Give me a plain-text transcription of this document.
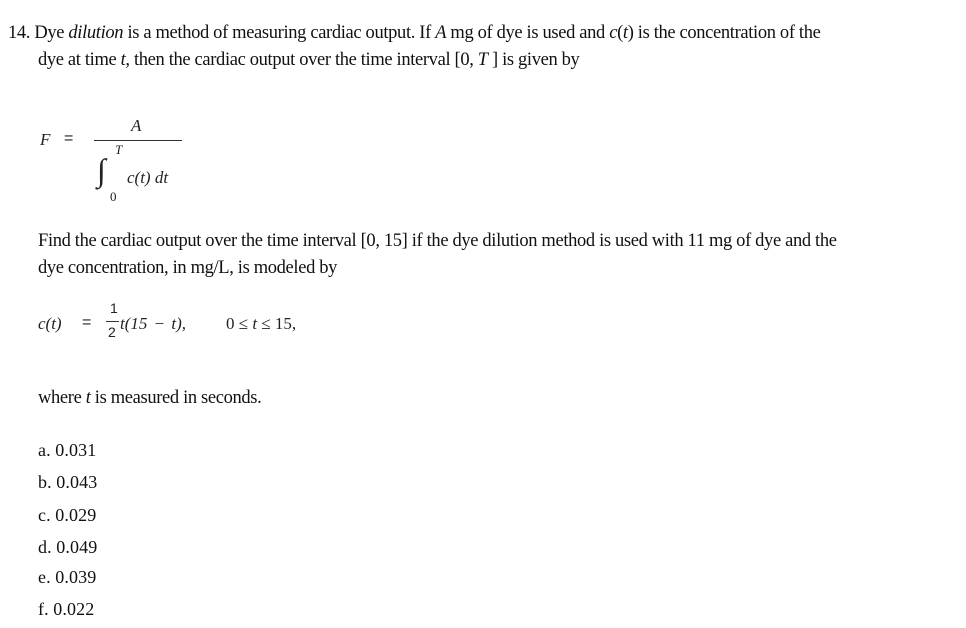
14. Dye dilution is a method of measuring cardiac output. If A mg of dye is used and c(t) is the concentration of the
dye at time t, then the cardiac output over the time interval [0, T ] is given by
F =
A
T
∫
0
c(t) dt
Find the cardiac output over the time interval [0, 15] if the dye dilution method is used with 11 mg of dye and the
dye concentration, in mg/L, is modeled by
c(t) =
1
2 t(15 − t), 0 ≤ t ≤ 15,
where t is measured in seconds.
a. 0.031
b. 0.043
c. 0.029
d. 0.049
e. 0.039
f. 0.022
